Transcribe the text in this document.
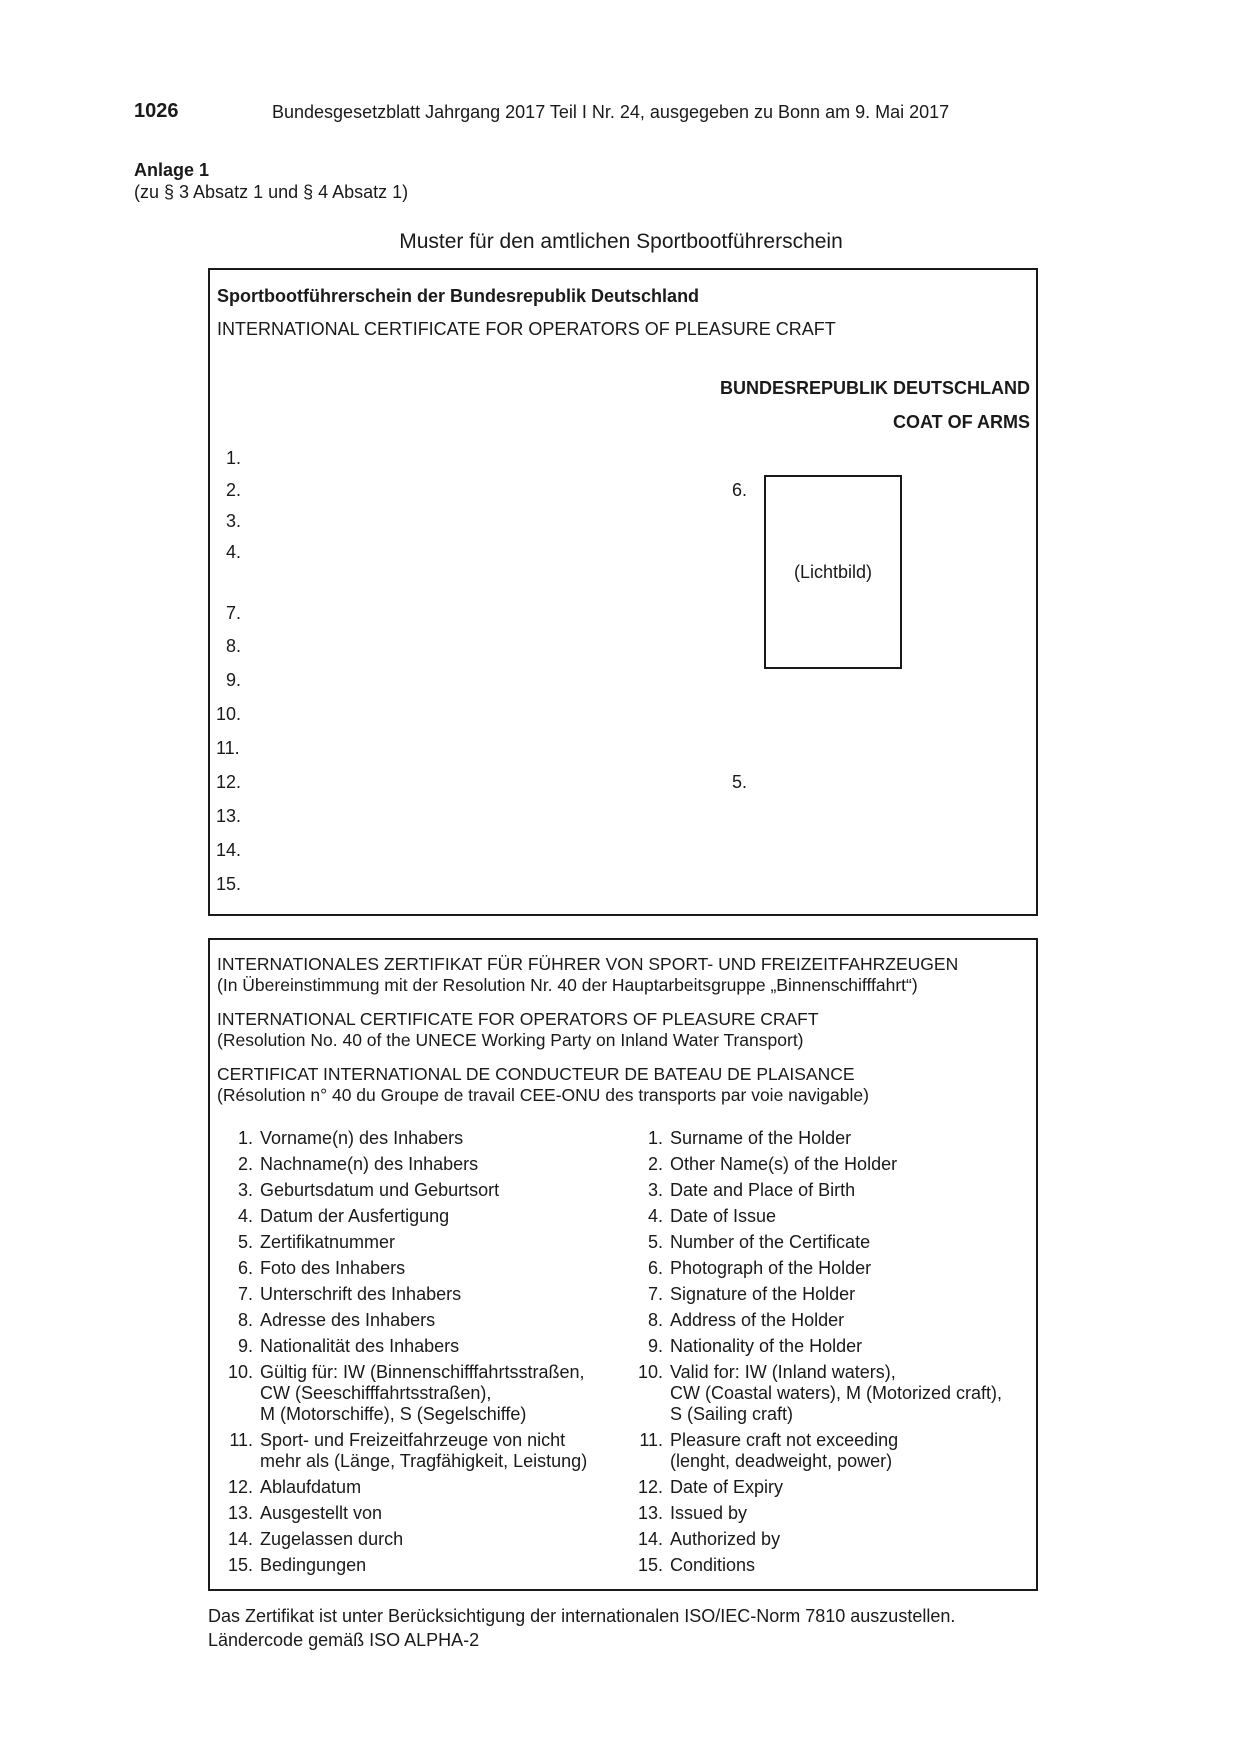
1026	Bundesgesetzblatt Jahrgang 2017 Teil I Nr. 24, ausgegeben zu Bonn am 9. Mai 2017
Anlage 1
(zu § 3 Absatz 1 und § 4 Absatz 1)
Muster für den amtlichen Sportbootführerschein
Sportbootführerschein der Bundesrepublik Deutschland
INTERNATIONAL CERTIFICATE FOR OPERATORS OF PLEASURE CRAFT
BUNDESREPUBLIK DEUTSCHLAND
COAT OF ARMS
1.
2.
3.
4.
7.
8.
9.
10.
11.
12.
13.
14.
15.
6.
(Lichtbild)
5.
INTERNATIONALES ZERTIFIKAT FÜR FÜHRER VON SPORT- UND FREIZEITFAHRZEUGEN
(In Übereinstimmung mit der Resolution Nr. 40 der Hauptarbeitsgruppe „Binnenschifffahrt“)
INTERNATIONAL CERTIFICATE FOR OPERATORS OF PLEASURE CRAFT
(Resolution No. 40 of the UNECE Working Party on Inland Water Transport)
CERTIFICAT INTERNATIONAL DE CONDUCTEUR DE BATEAU DE PLAISANCE
(Résolution n° 40 du Groupe de travail CEE-ONU des transports par voie navigable)
1. Vorname(n) des Inhabers
2. Nachname(n) des Inhabers
3. Geburtsdatum und Geburtsort
4. Datum der Ausfertigung
5. Zertifikatnummer
6. Foto des Inhabers
7. Unterschrift des Inhabers
8. Adresse des Inhabers
9. Nationalität des Inhabers
10. Gültig für: IW (Binnenschifffahrtsstraßen,
CW (Seeschifffahrtsstraßen),
M (Motorschiffe), S (Segelschiffe)
11. Sport- und Freizeitfahrzeuge von nicht
mehr als (Länge, Tragfähigkeit, Leistung)
12. Ablaufdatum
13. Ausgestellt von
14. Zugelassen durch
15. Bedingungen
1. Surname of the Holder
2. Other Name(s) of the Holder
3. Date and Place of Birth
4. Date of Issue
5. Number of the Certificate
6. Photograph of the Holder
7. Signature of the Holder
8. Address of the Holder
9. Nationality of the Holder
10. Valid for: IW (Inland waters),
CW (Coastal waters), M (Motorized craft),
S (Sailing craft)
11. Pleasure craft not exceeding
(lenght, deadweight, power)
12. Date of Expiry
13. Issued by
14. Authorized by
15. Conditions
Das Zertifikat ist unter Berücksichtigung der internationalen ISO/IEC-Norm 7810 auszustellen.
Ländercode gemäß ISO ALPHA-2
